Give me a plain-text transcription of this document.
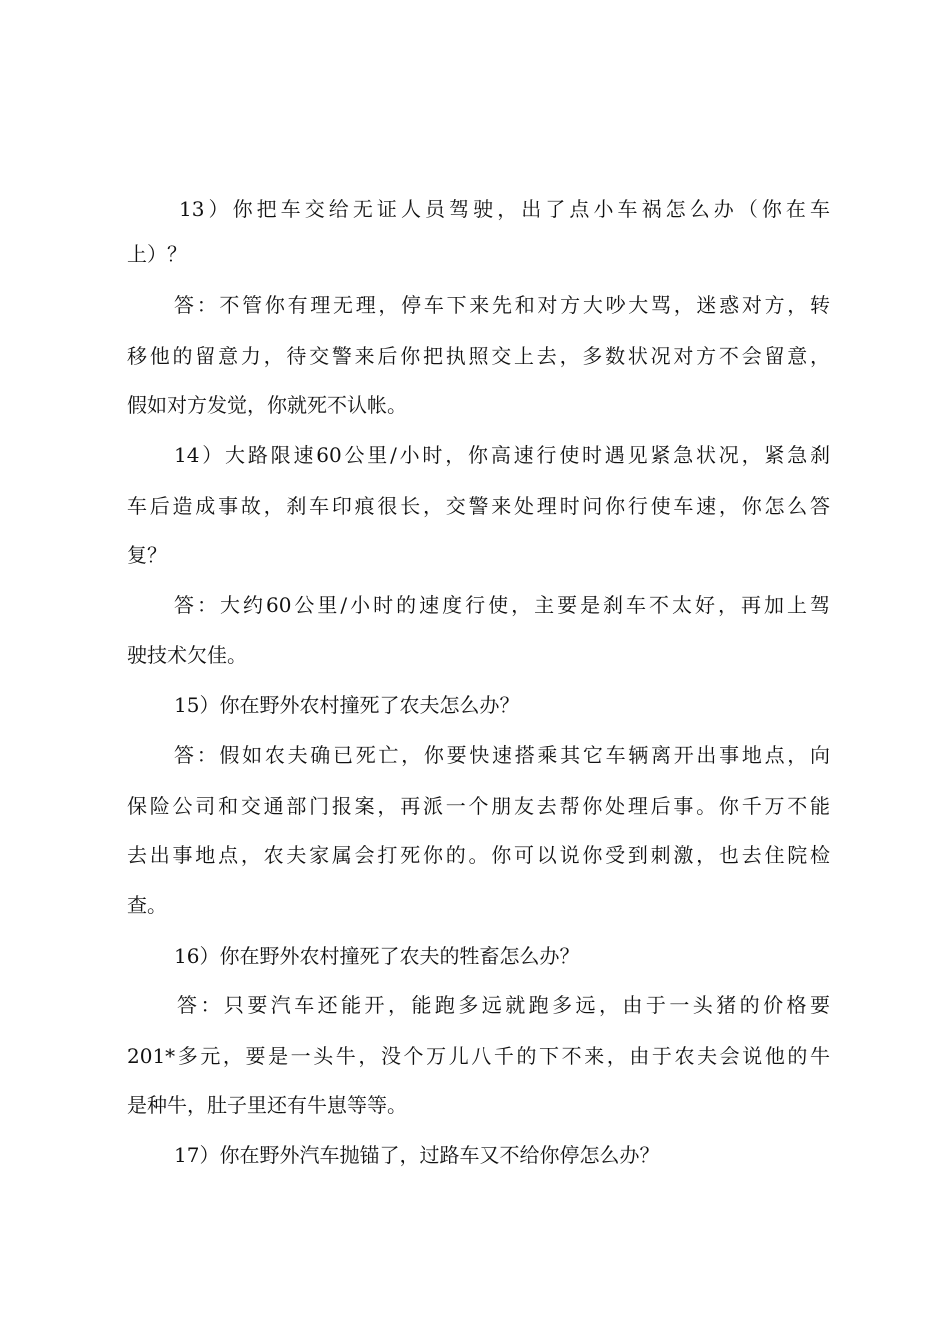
13）你把车交给无证人员驾驶，出了点小车祸怎么办（你在车
上）？
答：不管你有理无理，停车下来先和对方大吵大骂，迷惑对方，转
移他的留意力，待交警来后你把执照交上去，多数状况对方不会留意，
假如对方发觉，你就死不认帐。
14）大路限速60公里/小时，你高速行使时遇见紧急状况，紧急刹
车后造成事故，刹车印痕很长，交警来处理时问你行使车速，你怎么答
复？
答：大约60公里/小时的速度行使，主要是刹车不太好，再加上驾
驶技术欠佳。
15）你在野外农村撞死了农夫怎么办？
答：假如农夫确已死亡，你要快速搭乘其它车辆离开出事地点，向
保险公司和交通部门报案，再派一个朋友去帮你处理后事。你千万不能
去出事地点，农夫家属会打死你的。你可以说你受到刺激，也去住院检
查。
16）你在野外农村撞死了农夫的牲畜怎么办？
答：只要汽车还能开，能跑多远就跑多远，由于一头猪的价格要
201*多元，要是一头牛，没个万儿八千的下不来，由于农夫会说他的牛
是种牛，肚子里还有牛崽等等。
17）你在野外汽车抛锚了，过路车又不给你停怎么办？
